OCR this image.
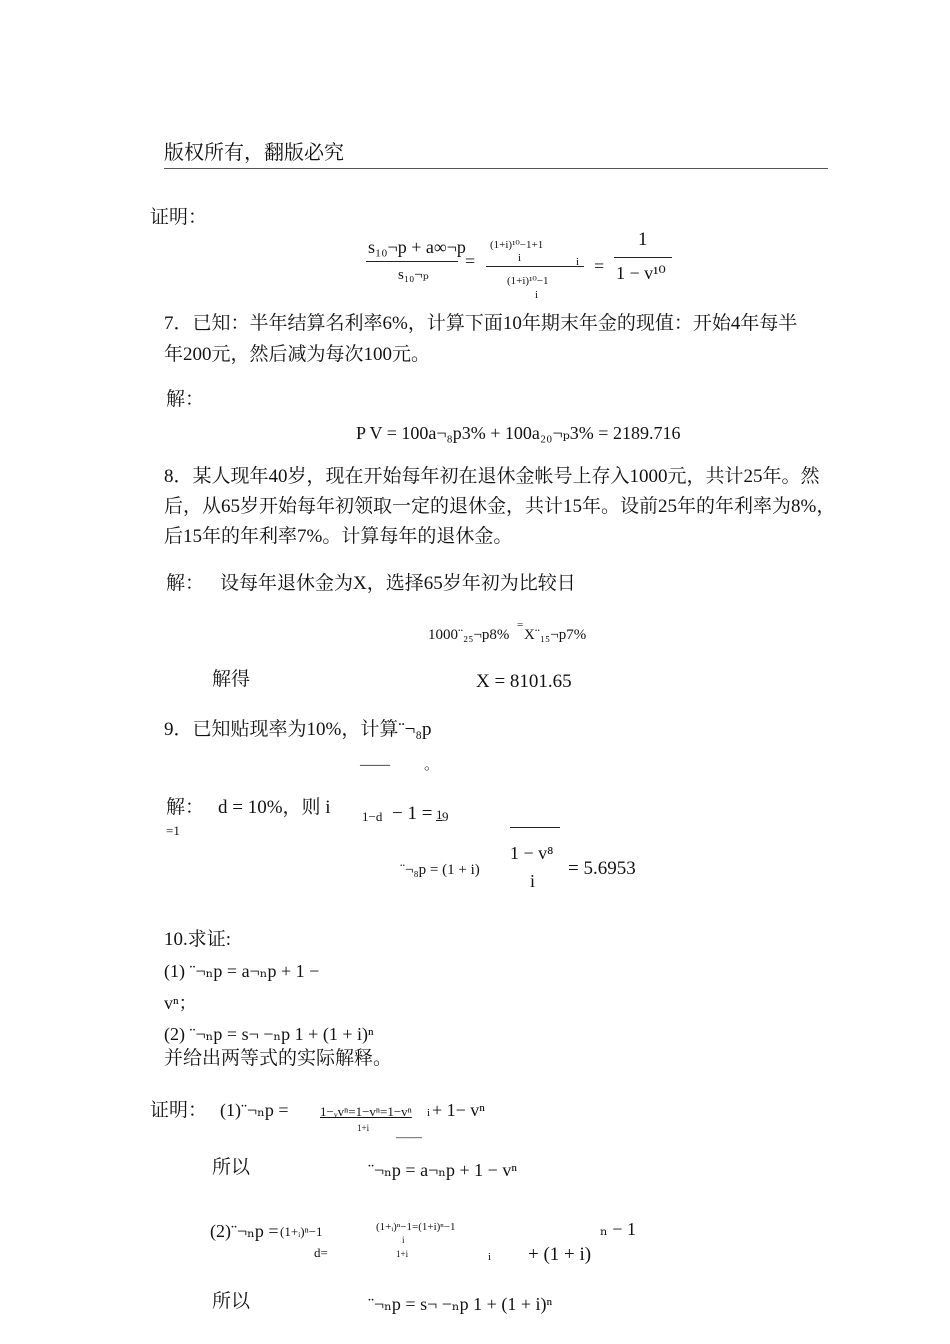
版权所有，翻版必究
证明：
s₁₀¬p + a∞¬p
s₁₀¬ₚ
=
(1+i)¹⁰−1+1
i	i
(1+i)¹⁰−1
i
=
1
1 − v¹⁰
7．已知：半年结算名利率6%，计算下面10年期末年金的现值：开始4年每半
年200元，然后减为每次100元。
解：
P V = 100a¬₈p3% + 100a₂₀¬ₚ3% = 2189.716
8．某人现年40岁，现在开始每年初在退休金帐号上存入1000元，共计25年。然
后，从65岁开始每年初领取一定的退休金，共计15年。设前25年的年利率为8%，
后15年的年利率7%。计算每年的退休金。
解： 设每年退休金为X，选择65岁年初为比较日
1000¨₂₅¬p8%
=
X¨₁₅¬p7%
解得	X = 8101.65
9．已知贴现率为10%，计算¨¬₈p
—— 。
解： d = 10%，则 i 1−d − 1 = 1 9
=1
¨¬₈p = (1 + i)
1 − v⁸
i
= 5.6953
10.求证:
(1) ¨¬ₙp = a¬ₙp + 1 −
vⁿ；
(2) ¨¬ₙp = s¬ −ₙp 1 + (1 + i)ⁿ
并给出两等式的实际解释。
证明： (1)¨¬ₙp = 1−ᵥvⁿ=1−vⁿ=1−vⁿ
1+i
i + 1− vⁿ
——
所以	¨¬ₙp = a¬ₙp + 1 − vⁿ
(2)¨¬ₙp = (1+ᵢ)ⁿ−1
d=
(1+ᵢ)ⁿ−1=(1+i)ⁿ−1
i
1+i	i
ₙ − 1
+ (1 + i)
所以	¨¬ₙp = s¬ −ₙp 1 + (1 + i)ⁿ
